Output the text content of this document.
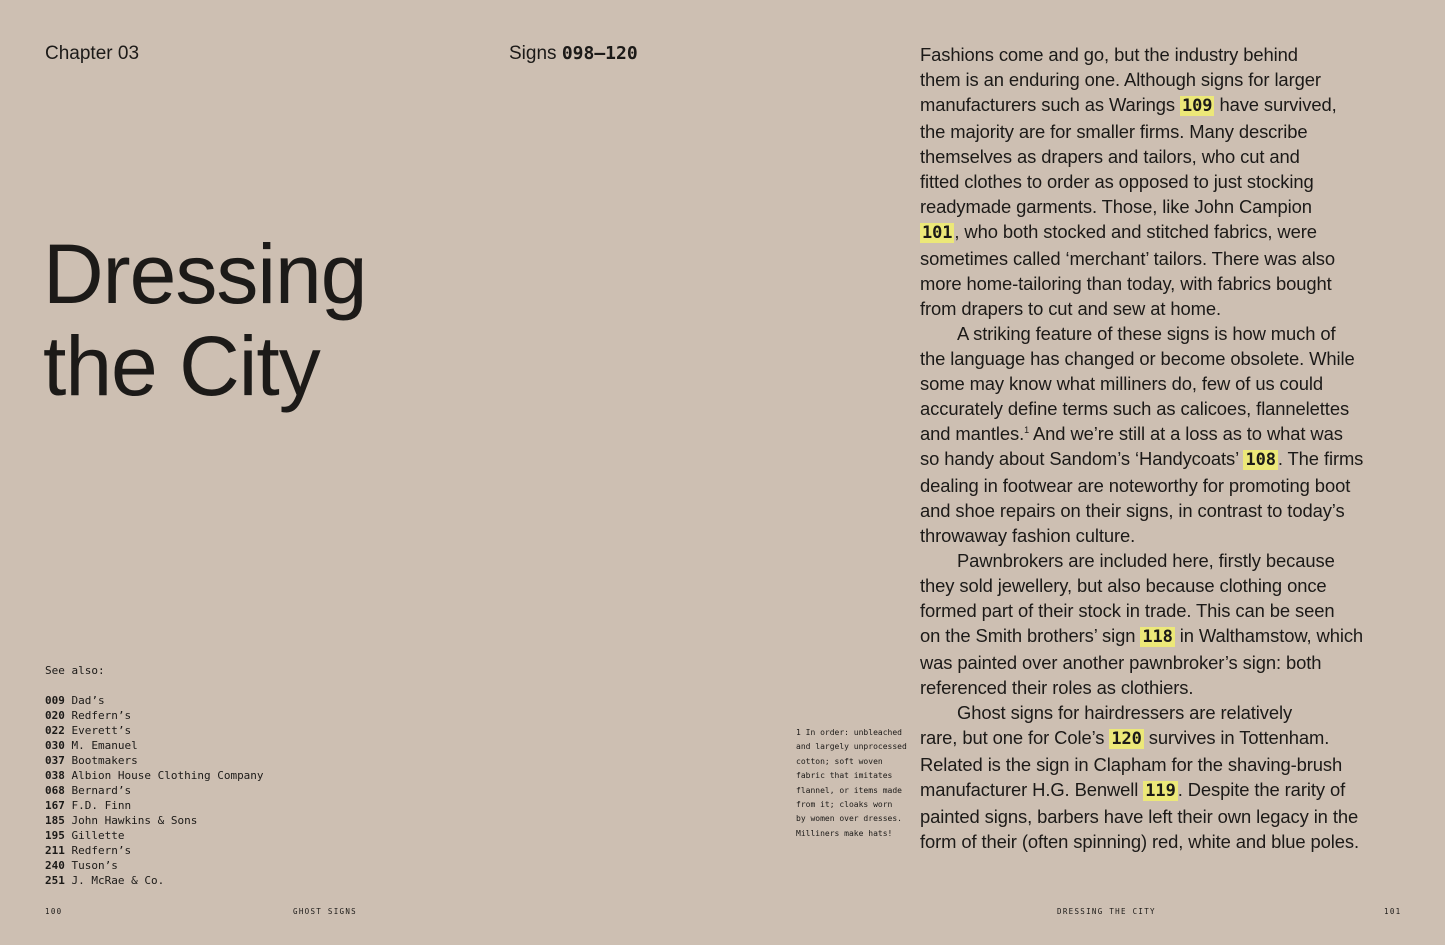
Chapter 03	Signs 098–120
Dressing
the City
See also:
009 Dad’s
020 Redfern’s
022 Everett’s
030 M. Emanuel
037 Bootmakers
038 Albion House Clothing Company
068 Bernard’s
167 F.D. Finn
185 John Hawkins & Sons
195 Gillette
211 Redfern’s
240 Tuson’s
251 J. McRae & Co.
1 In order: unbleached
and largely unprocessed
cotton; soft woven
fabric that imitates
flannel, or items made
from it; cloaks worn
by women over dresses.
Milliners make hats!
Fashions come and go, but the industry behind
them is an enduring one. Although signs for larger
manufacturers such as Warings 109 have survived,
the majority are for smaller firms. Many describe
themselves as drapers and tailors, who cut and
fitted clothes to order as opposed to just stocking
readymade garments. Those, like John Campion
101 , who both stocked and stitched fabrics, were
sometimes called ‘merchant’ tailors. There was also
more home-tailoring than today, with fabrics bought
from drapers to cut and sew at home.
A striking feature of these signs is how much of
the language has changed or become obsolete. While
some may know what milliners do, few of us could
accurately define terms such as calicoes, flannelettes
and mantles.$^1$ And we’re still at a loss as to what was
so handy about Sandom’s ‘Handycoats’ 108 . The firms
dealing in footwear are noteworthy for promoting boot
and shoe repairs on their signs, in contrast to today’s
throwaway fashion culture.
Pawnbrokers are included here, firstly because
they sold jewellery, but also because clothing once
formed part of their stock in trade. This can be seen
on the Smith brothers’ sign 118 in Walthamstow, which
was painted over another pawnbroker’s sign: both
referenced their roles as clothiers.
Ghost signs for hairdressers are relatively
rare, but one for Cole’s 120 survives in Tottenham.
Related is the sign in Clapham for the shaving-brush
manufacturer H.G. Benwell 119 . Despite the rarity of
painted signs, barbers have left their own legacy in the
form of their (often spinning) red, white and blue poles.
100	GHOST SIGNS	DRESSING THE CITY	101
